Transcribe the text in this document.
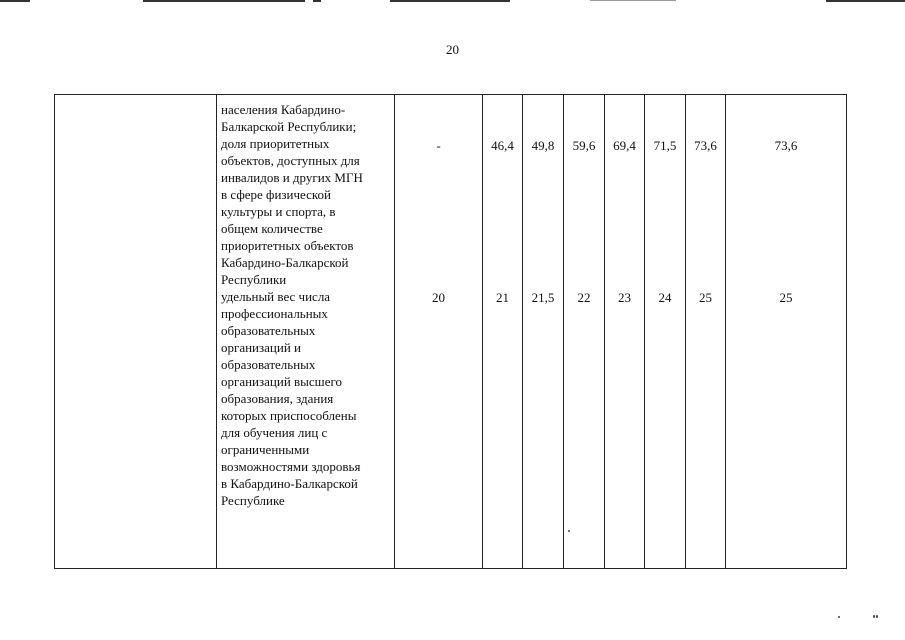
20
населения Кабардино-
Балкарской Республики;
доля приоритетных
объектов, доступных для
инвалидов и других МГН
в сфере физической
культуры и спорта, в
общем количестве
приоритетных объектов
Кабардино-Балкарской
Республики
-	46,4	49,8	59,6	69,4	71,5	73,6	73,6
удельный вес числа
профессиональных
образовательных
организаций и
образовательных
организаций высшего
образования, здания
которых приспособлены
для обучения лиц с
ограниченными
возможностями здоровья
в Кабардино-Балкарской
Республике
20	21	21,5	22	23	24	25	25
